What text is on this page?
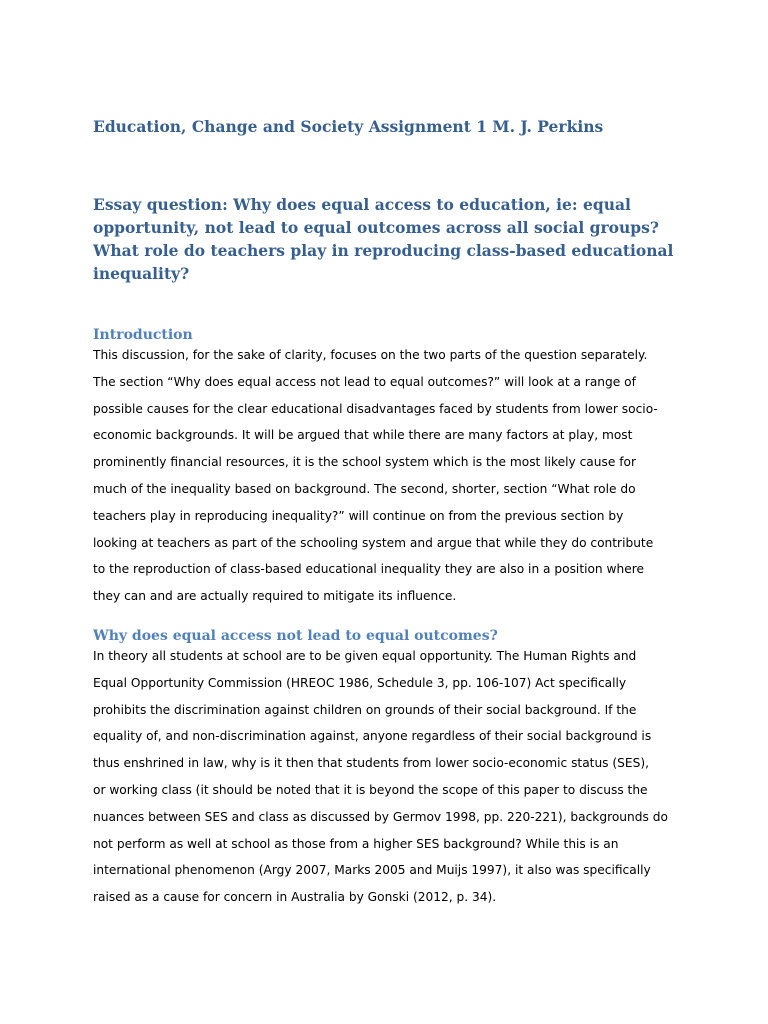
Education, Change and Society Assignment 1 M. J. Perkins
Essay question: Why does equal access to education, ie: equal opportunity, not lead to equal outcomes across all social groups? What role do teachers play in reproducing class-based educational inequality?
Introduction

This discussion, for the sake of clarity, focuses on the two parts of the question separately.
The section “Why does equal access not lead to equal outcomes?” will look at a range of
possible causes for the clear educational disadvantages faced by students from lower socio-
economic backgrounds. It will be argued that while there are many factors at play, most
prominently financial resources, it is the school system which is the most likely cause for
much of the inequality based on background. The second, shorter, section “What role do
teachers play in reproducing inequality?” will continue on from the previous section by
looking at teachers as part of the schooling system and argue that while they do contribute
to the reproduction of class-based educational inequality they are also in a position where
they can and are actually required to mitigate its influence.

Why does equal access not lead to equal outcomes?

In theory all students at school are to be given equal opportunity. The Human Rights and
Equal Opportunity Commission (HREOC 1986, Schedule 3, pp. 106-107) Act specifically
prohibits the discrimination against children on grounds of their social background. If the
equality of, and non-discrimination against, anyone regardless of their social background is
thus enshrined in law, why is it then that students from lower socio-economic status (SES),
or working class (it should be noted that it is beyond the scope of this paper to discuss the
nuances between SES and class as discussed by Germov 1998, pp. 220-221), backgrounds do
not perform as well at school as those from a higher SES background? While this is an
international phenomenon (Argy 2007, Marks 2005 and Muijs 1997), it also was specifically
raised as a cause for concern in Australia by Gonski (2012, p. 34).
